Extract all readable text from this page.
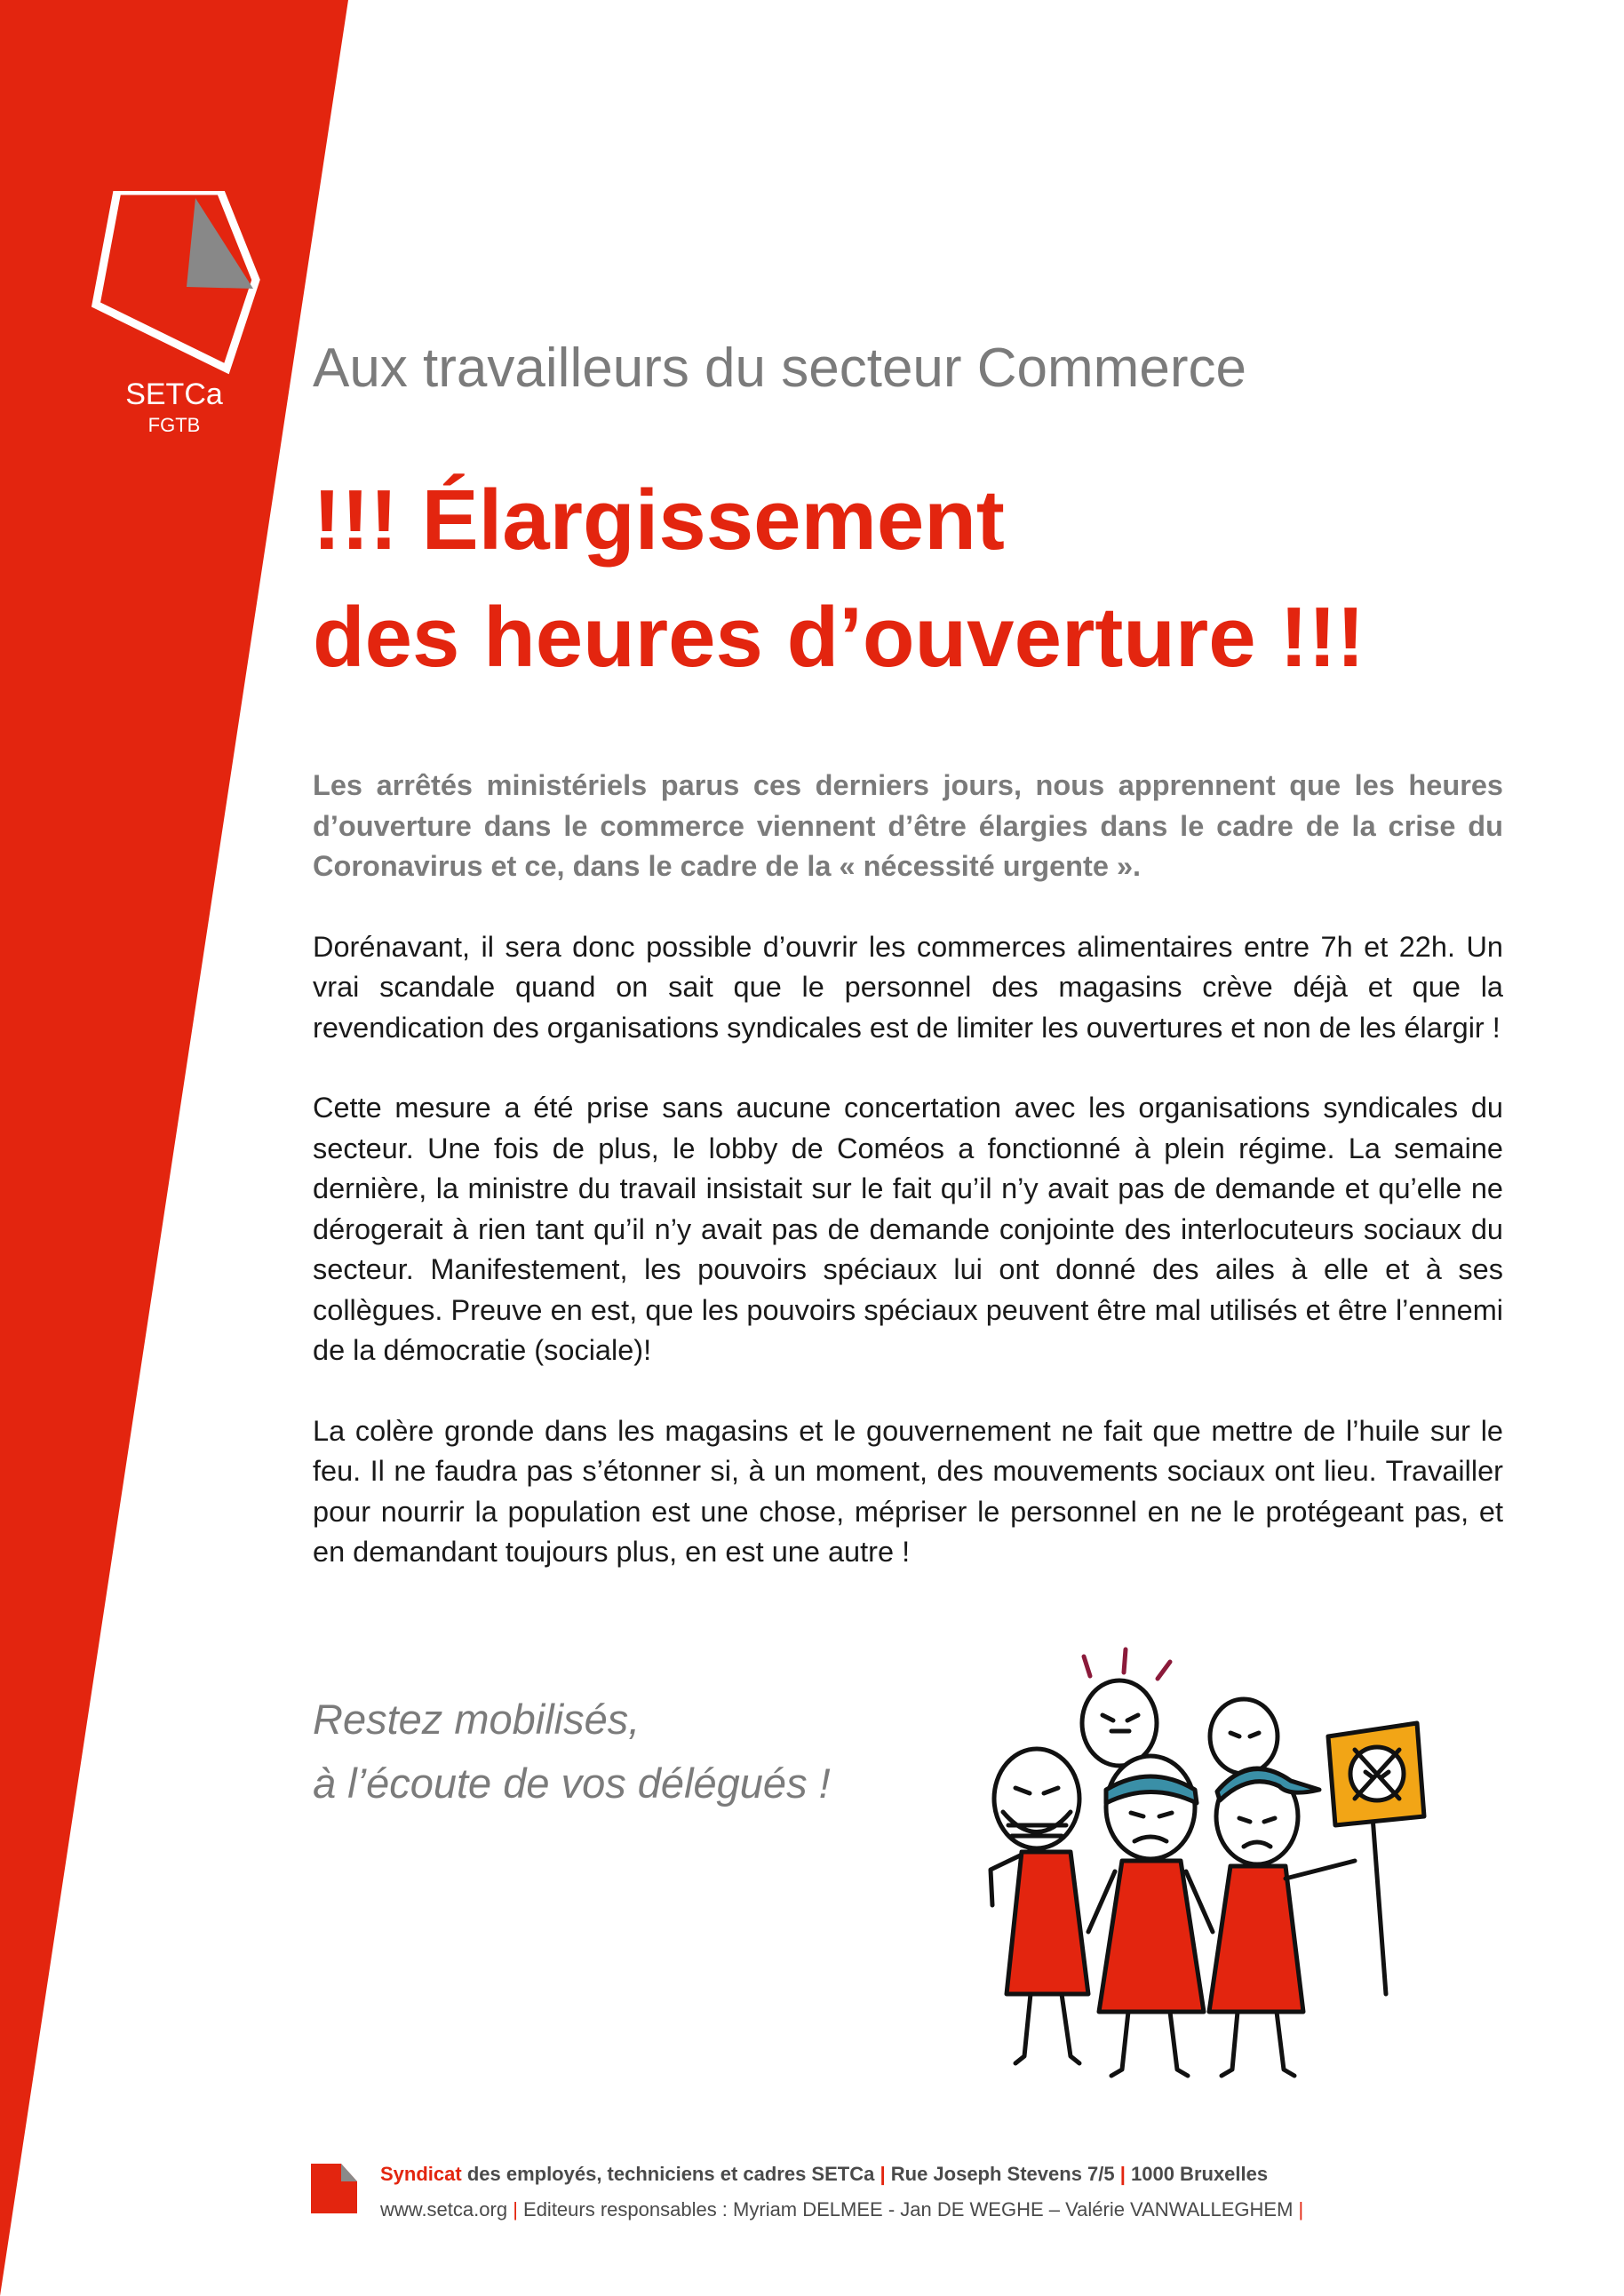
SETCa
FGTB
Aux travailleurs du secteur Commerce
!!! Élargissement
des heures d’ouverture !!!

Les arrêtés ministériels parus ces derniers jours, nous apprennent que les heures d’ouverture dans le commerce viennent d’être élargies dans le cadre de la crise du Coronavirus et ce, dans le cadre de la « nécessité urgente ».

Dorénavant, il sera donc possible d’ouvrir les commerces alimentaires entre 7h et 22h. Un vrai scandale quand on sait que le personnel des magasins crève déjà et que la revendication des organisations syndicales est de limiter les ouvertures et non de les élargir !

Cette mesure a été prise sans aucune concertation avec les organisations syndicales du secteur. Une fois de plus, le lobby de Coméos a fonctionné à plein régime. La semaine dernière, la ministre du travail insistait sur le fait qu’il n’y avait pas de demande et qu’elle ne dérogerait à rien tant qu’il n’y avait pas de demande conjointe des interlocuteurs sociaux du secteur. Manifestement, les pouvoirs spéciaux lui ont donné des ailes à elle et à ses collègues. Preuve en est, que les pouvoirs spéciaux peuvent être mal utilisés et être l’ennemi de la démocratie (sociale)!

La colère gronde dans les magasins et le gouvernement ne fait que mettre de l’huile sur le feu. Il ne faudra pas s’étonner si, à un moment, des mouvements sociaux ont lieu. Travailler pour nourrir la population est une chose, mépriser le personnel en ne le protégeant pas, et en demandant toujours plus, en est une autre !

Restez mobilisés,
à l’écoute de vos délégués !
Syndicat des employés, techniciens et cadres SETCa | Rue Joseph Stevens 7/5 | 1000 Bruxelles
www.setca.org | Editeurs responsables : Myriam DELMEE - Jan DE WEGHE – Valérie VANWALLEGHEM |
